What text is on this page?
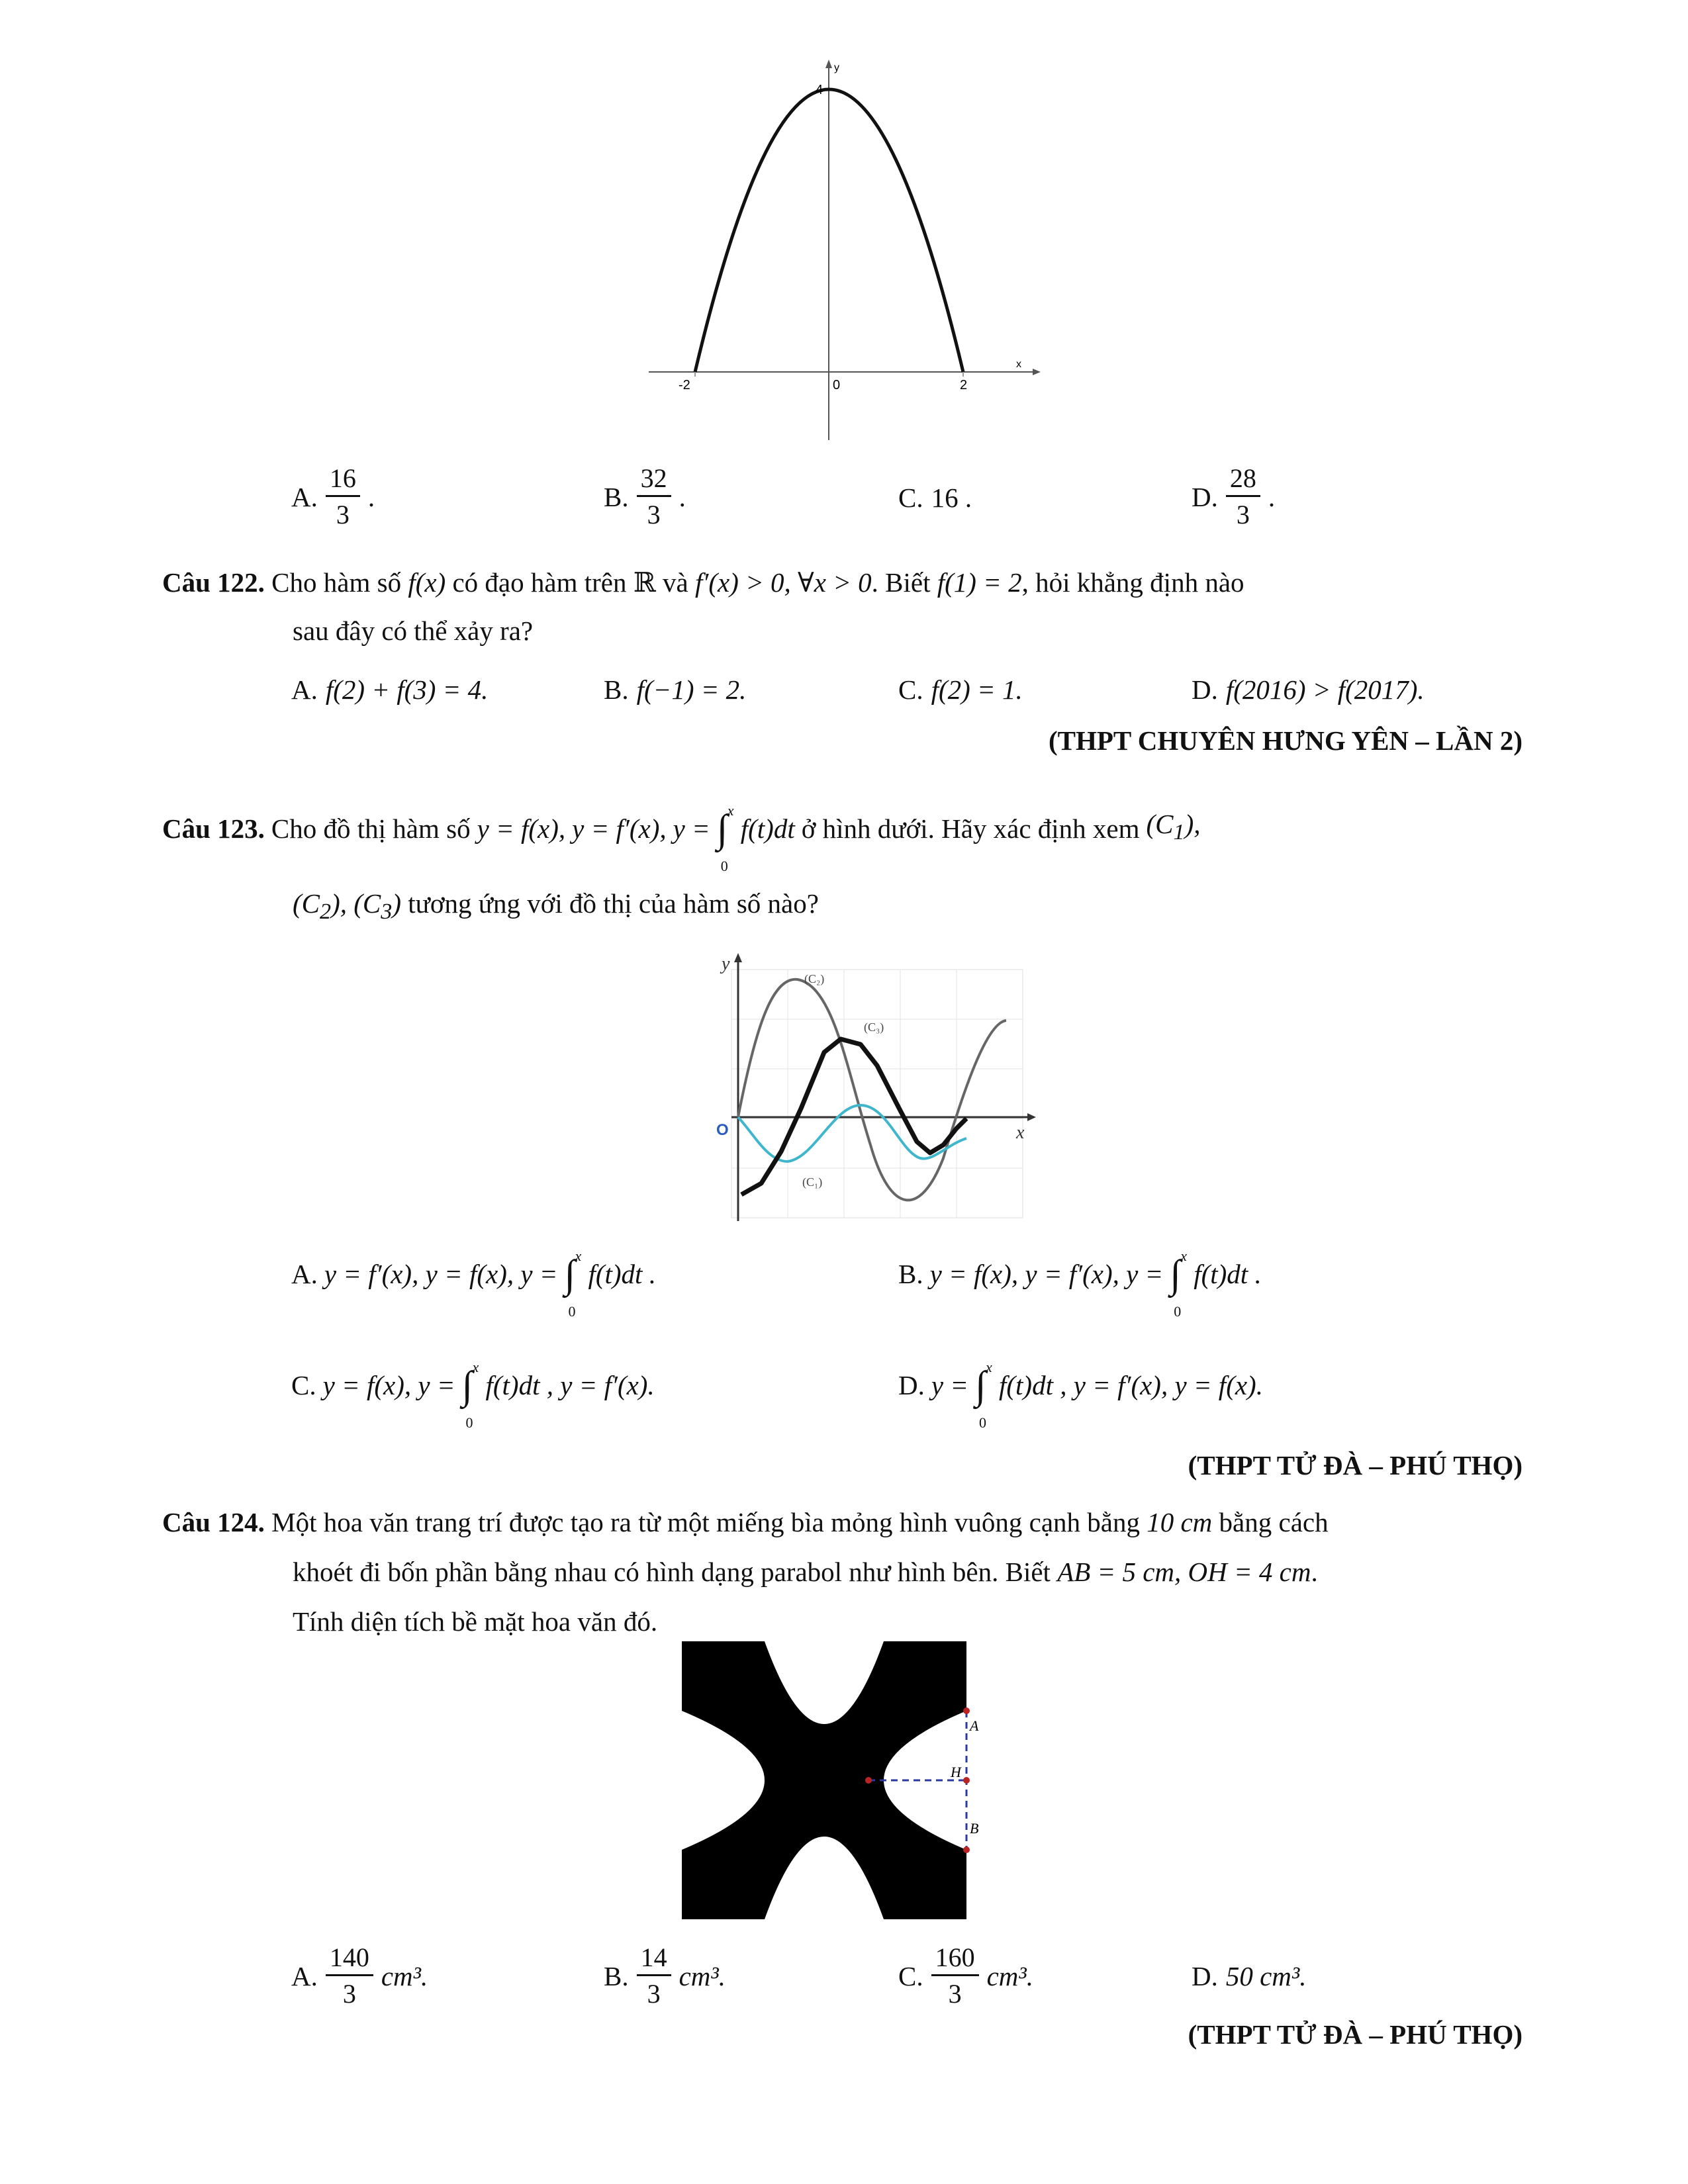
y
x
4
-2	0	2
A. $\frac{16}{3}$ .	B. $\frac{32}{3}$ .	C. 16 .	D. $\frac{28}{3}$ .
Câu 122. Cho hàm số f(x) có đạo hàm trên ℝ và f′(x) > 0, ∀x > 0. Biết f(1) = 2, hỏi khẳng định nào
sau đây có thể xảy ra?
A. f(2) + f(3) = 4.	B. f(−1) = 2.	C. f(2) = 1.	D. f(2016) > f(2017).
(THPT CHUYÊN HƯNG YÊN – LẦN 2)
Câu 123. Cho đồ thị hàm số y = f(x), y = f′(x), y = ∫ x
0
f(t)dt ở hình dưới. Hãy xác định xem $(C_1)$,
$(C_2)$, $(C_3)$ tương ứng với đồ thị của hàm số nào?
y
x
O
(C₂)
(C₃)
(C₁)
A. y = f′(x), y = f(x), y = ∫ x
0
f(t)dt .	B. y = f(x), y = f′(x), y = ∫ x
0
f(t)dt .
C. y = f(x), y = ∫ x
0
f(t)dt , y = f′(x).	D. y = ∫ x
0
f(t)dt , y = f′(x), y = f(x).
(THPT TỬ ĐÀ – PHÚ THỌ)
Câu 124. Một hoa văn trang trí được tạo ra từ một miếng bìa mỏng hình vuông cạnh bằng 10 cm bằng cách
khoét đi bốn phần bằng nhau có hình dạng parabol như hình bên. Biết AB = 5 cm, OH = 4 cm.
Tính diện tích bề mặt hoa văn đó.
A
B
O	H
A. $\frac{140}{3} cm^3$.	B. $\frac{14}{3} cm^3$.	C. $\frac{160}{3} cm^3$.	D. 50 cm³.
(THPT TỬ ĐÀ – PHÚ THỌ)
